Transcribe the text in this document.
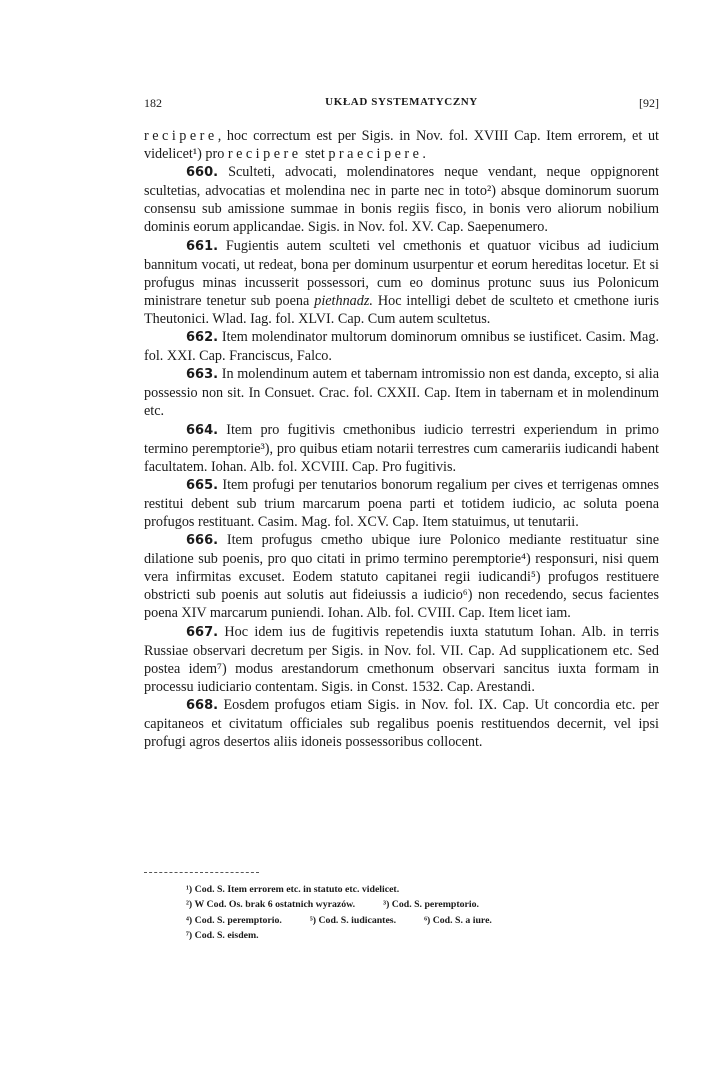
182	UKŁAD SYSTEMATYCZNY	[92]

recipere, hoc correctum est per Sigis. in Nov. fol. XVIII Cap. Item errorem, et ut videlicet¹) pro recipere stet praecipere.

660. Sculteti, advocati, molendinatores neque vendant, neque oppignorent scultetias, advocatias et molendina nec in parte nec in toto²) absque dominorum suorum consensu sub amissione summae in bonis regiis fisco, in bonis vero aliorum nobilium dominis eorum applicandae. Sigis. in Nov. fol. XV. Cap. Saepenumero.

661. Fugientis autem sculteti vel cmethonis et quatuor vicibus ad iudicium bannitum vocati, ut redeat, bona per dominum usurpentur et eorum hereditas locetur. Et si profugus minas incusserit possessori, cum eo dominus protunc suus ius Polonicum ministrare tenetur sub poena piethnadz. Hoc intelligi debet de sculteto et cmethone iuris Theutonici. Wlad. Iag. fol. XLVI. Cap. Cum autem scultetus.

662. Item molendinator multorum dominorum omnibus se iustificet. Casim. Mag. fol. XXI. Cap. Franciscus, Falco.

663. In molendinum autem et tabernam intromissio non est danda, excepto, si alia possessio non sit. In Consuet. Crac. fol. CXXII. Cap. Item in tabernam et in molendinum etc.

664. Item pro fugitivis cmethonibus iudicio terrestri experiendum in primo termino peremptorie³), pro quibus etiam notarii terrestres cum camerariis iudicandi habent facultatem. Iohan. Alb. fol. XCVIII. Cap. Pro fugitivis.

665. Item profugi per tenutarios bonorum regalium per cives et terrigenas omnes restitui debent sub trium marcarum poena parti et totidem iudicio, ac soluta poena profugos restituant. Casim. Mag. fol. XCV. Cap. Item statuimus, ut tenutarii.

666. Item profugus cmetho ubique iure Polonico mediante restituatur sine dilatione sub poenis, pro quo citati in primo termino peremptorie⁴) responsuri, nisi quem vera infirmitas excuset. Eodem statuto capitanei regii iudicandi⁵) profugos restituere obstricti sub poenis aut solutis aut fideiussis a iudicio⁶) non recedendo, secus facientes poena XIV marcarum puniendi. Iohan. Alb. fol. CVIII. Cap. Item licet iam.

667. Hoc idem ius de fugitivis repetendis iuxta statutum Iohan. Alb. in terris Russiae observari decretum per Sigis. in Nov. fol. VII. Cap. Ad supplicationem etc. Sed postea idem⁷) modus arestandorum cmethonum observari sancitus iuxta formam in processu iudiciario contentam. Sigis. in Const. 1532. Cap. Arestandi.

668. Eosdem profugos etiam Sigis. in Nov. fol. IX. Cap. Ut concordia etc. per capitaneos et civitatum officiales sub regalibus poenis restituendos decernit, vel ipsi profugi agros desertos aliis idoneis possessoribus collocent.

¹) Cod. S. Item errorem etc. in statuto etc. videlicet.
²) W Cod. Os. brak 6 ostatnich wyrazów.	³) Cod. S. peremptorio.
⁴) Cod. S. peremptorio.	⁵) Cod. S. iudicantes.	⁶) Cod. S. a iure.
⁷) Cod. S. eisdem.
